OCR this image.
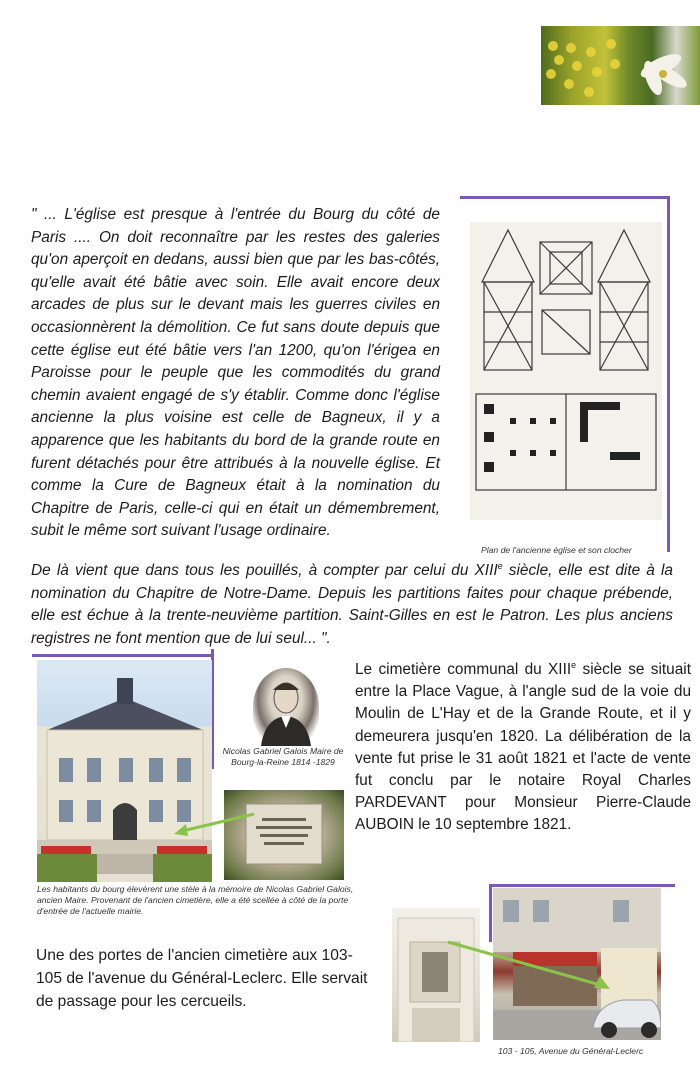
" ... L'église est presque à l'entrée du Bourg du côté de Paris .... On doit reconnaître par les restes des galeries qu'on aperçoit en dedans, aussi bien que par les bas-côtés, qu'elle avait été bâtie avec soin. Elle avait encore deux arcades de plus sur le devant mais les guerres civiles en occasionnèrent la démolition. Ce fut sans doute depuis que cette église eut été bâtie vers l'an 1200, qu'on l'érigea en Paroisse pour le peuple que les commodités du grand chemin avaient engagé de s'y établir. Comme donc l'église ancienne la plus voisine est celle de Bagneux, il y a apparence que les habitants du bord de la grande route en furent détachés pour être attribués à la nouvelle église. Et comme la Cure de Bagneux était à la nomination du Chapitre de Paris, celle-ci qui en était un démembrement, subit le même sort suivant l'usage ordinaire.
Plan de l'ancienne église et son clocher
De là vient que dans tous les pouillés, à compter par celui du XIIIe siècle, elle est dite à la nomination du Chapitre de Notre-Dame. Depuis les partitions faites pour chaque prébende, elle est échue à la trente-neuvième partition. Saint-Gilles en est le Patron. Les plus anciens registres ne font mention que de lui seul... ".
Nicolas Gabriel Galois Maire de Bourg-la-Reine 1814 -1829
Les habitants du bourg élevèrent une stèle à la mémoire de Nicolas Gabriel Galois, ancien Maire. Provenant de l'ancien cimetière, elle a été scellée à côté de la porte d'entrée de l'actuelle mairie.
Le cimetière communal du XIIIe siècle se situait entre la Place Vague, à l'angle sud de la voie du Moulin de L'Hay et de la Grande Route, et il y demeurera jusqu'en 1820. La délibération de la vente fut prise le 31 août 1821 et l'acte de vente fut conclu par le notaire Royal Charles PARDEVANT pour Monsieur Pierre-Claude AUBOIN le 10 septembre 1821.
Une des portes de l'ancien cimetière aux 103-105 de l'avenue du Général-Leclerc. Elle servait de passage pour les cercueils.
103 - 105, Avenue du Général-Leclerc
